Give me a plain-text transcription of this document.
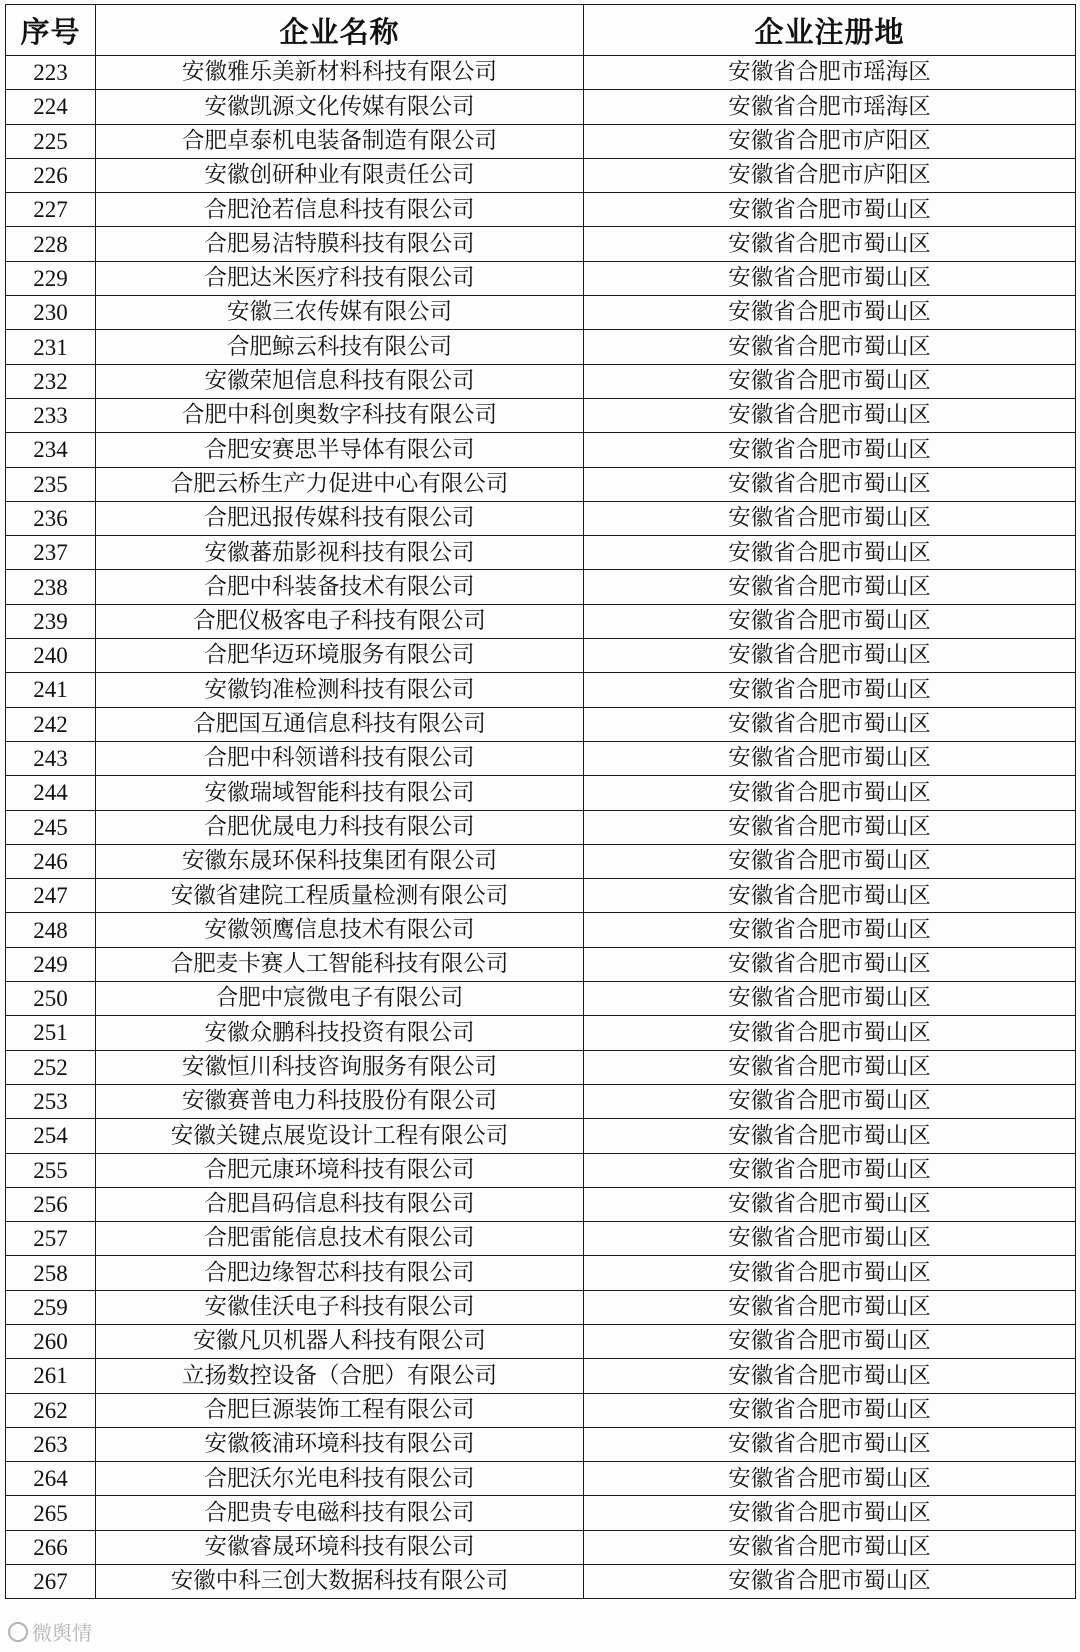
序号	企业名称	企业注册地
223	安徽雅乐美新材料科技有限公司	安徽省合肥市瑶海区
224	安徽凯源文化传媒有限公司	安徽省合肥市瑶海区
225	合肥卓泰机电装备制造有限公司	安徽省合肥市庐阳区
226	安徽创研种业有限责任公司	安徽省合肥市庐阳区
227	合肥沧若信息科技有限公司	安徽省合肥市蜀山区
228	合肥易洁特膜科技有限公司	安徽省合肥市蜀山区
229	合肥达米医疗科技有限公司	安徽省合肥市蜀山区
230	安徽三农传媒有限公司	安徽省合肥市蜀山区
231	合肥鲸云科技有限公司	安徽省合肥市蜀山区
232	安徽荣旭信息科技有限公司	安徽省合肥市蜀山区
233	合肥中科创奥数字科技有限公司	安徽省合肥市蜀山区
234	合肥安赛思半导体有限公司	安徽省合肥市蜀山区
235	合肥云桥生产力促进中心有限公司	安徽省合肥市蜀山区
236	合肥迅报传媒科技有限公司	安徽省合肥市蜀山区
237	安徽蕃茄影视科技有限公司	安徽省合肥市蜀山区
238	合肥中科装备技术有限公司	安徽省合肥市蜀山区
239	合肥仪极客电子科技有限公司	安徽省合肥市蜀山区
240	合肥华迈环境服务有限公司	安徽省合肥市蜀山区
241	安徽钧准检测科技有限公司	安徽省合肥市蜀山区
242	合肥国互通信息科技有限公司	安徽省合肥市蜀山区
243	合肥中科领谱科技有限公司	安徽省合肥市蜀山区
244	安徽瑞域智能科技有限公司	安徽省合肥市蜀山区
245	合肥优晟电力科技有限公司	安徽省合肥市蜀山区
246	安徽东晟环保科技集团有限公司	安徽省合肥市蜀山区
247	安徽省建院工程质量检测有限公司	安徽省合肥市蜀山区
248	安徽领鹰信息技术有限公司	安徽省合肥市蜀山区
249	合肥麦卡赛人工智能科技有限公司	安徽省合肥市蜀山区
250	合肥中宸微电子有限公司	安徽省合肥市蜀山区
251	安徽众鹏科技投资有限公司	安徽省合肥市蜀山区
252	安徽恒川科技咨询服务有限公司	安徽省合肥市蜀山区
253	安徽赛普电力科技股份有限公司	安徽省合肥市蜀山区
254	安徽关键点展览设计工程有限公司	安徽省合肥市蜀山区
255	合肥元康环境科技有限公司	安徽省合肥市蜀山区
256	合肥昌码信息科技有限公司	安徽省合肥市蜀山区
257	合肥雷能信息技术有限公司	安徽省合肥市蜀山区
258	合肥边缘智芯科技有限公司	安徽省合肥市蜀山区
259	安徽佳沃电子科技有限公司	安徽省合肥市蜀山区
260	安徽凡贝机器人科技有限公司	安徽省合肥市蜀山区
261	立扬数控设备（合肥）有限公司	安徽省合肥市蜀山区
262	合肥巨源装饰工程有限公司	安徽省合肥市蜀山区
263	安徽筱浦环境科技有限公司	安徽省合肥市蜀山区
264	合肥沃尔光电科技有限公司	安徽省合肥市蜀山区
265	合肥贵专电磁科技有限公司	安徽省合肥市蜀山区
266	安徽睿晟环境科技有限公司	安徽省合肥市蜀山区
267	安徽中科三创大数据科技有限公司	安徽省合肥市蜀山区
微舆情
